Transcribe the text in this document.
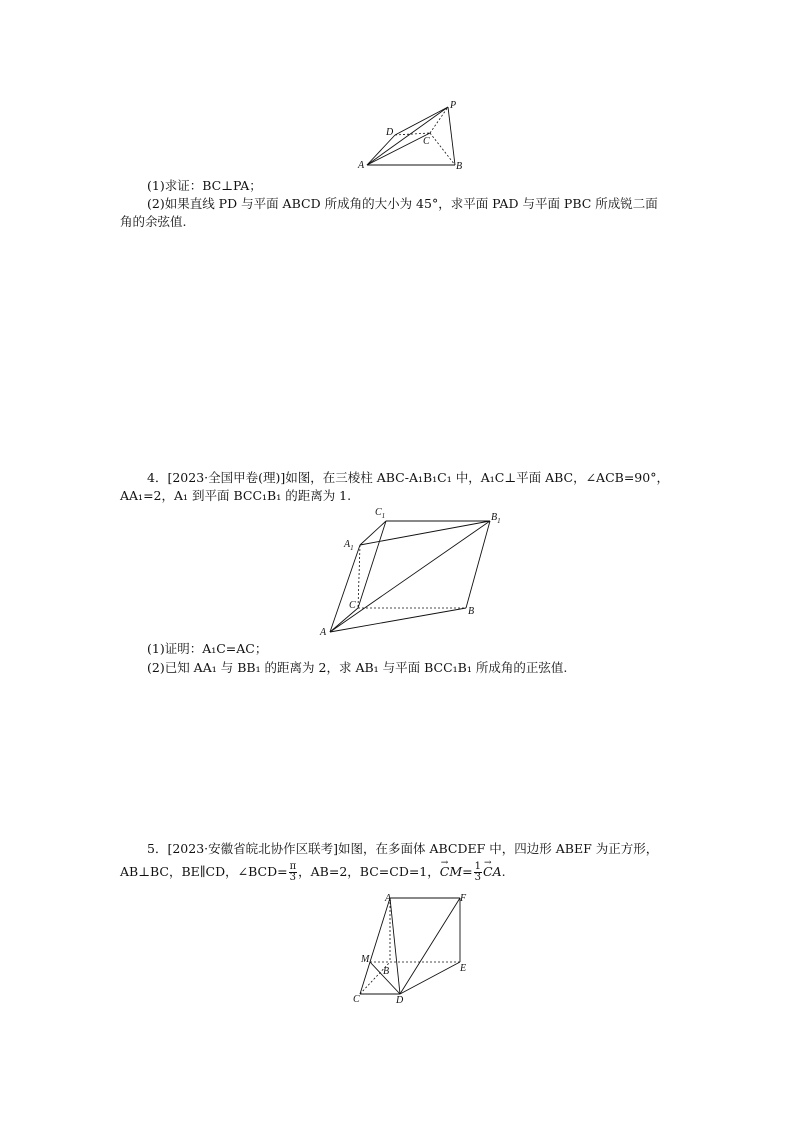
P
D
C
A	B
(1)求证：BC⊥PA；
(2)如果直线 PD 与平面 ABCD 所成角的大小为 45°，求平面 PAD 与平面 PBC 所成锐二面
角的余弦值.
4．[2023·全国甲卷(理)]如图，在三棱柱 ABC-A₁B₁C₁ 中，A₁C⊥平面 ABC，∠ACB=90°，
AA₁=2，A₁ 到平面 BCC₁B₁ 的距离为 1.
$C_1$	$B_1$
$A_1$
C
A
B
(1)证明：A₁C=AC；
(2)已知 AA₁ 与 BB₁ 的距离为 2，求 AB₁ 与平面 BCC₁B₁ 所成角的正弦值.
5．[2023·安徽省皖北协作区联考]如图，在多面体 ABCDEF 中，四边形 ABEF 为正方形，
AB⊥BC，BE∥CD，∠BCD= $\frac{\pi}{3}$ ，AB=2，BC=CD=1，→ $CM= \frac{1}{3}$
→ CA.
A	F
M
B	E
C	D
